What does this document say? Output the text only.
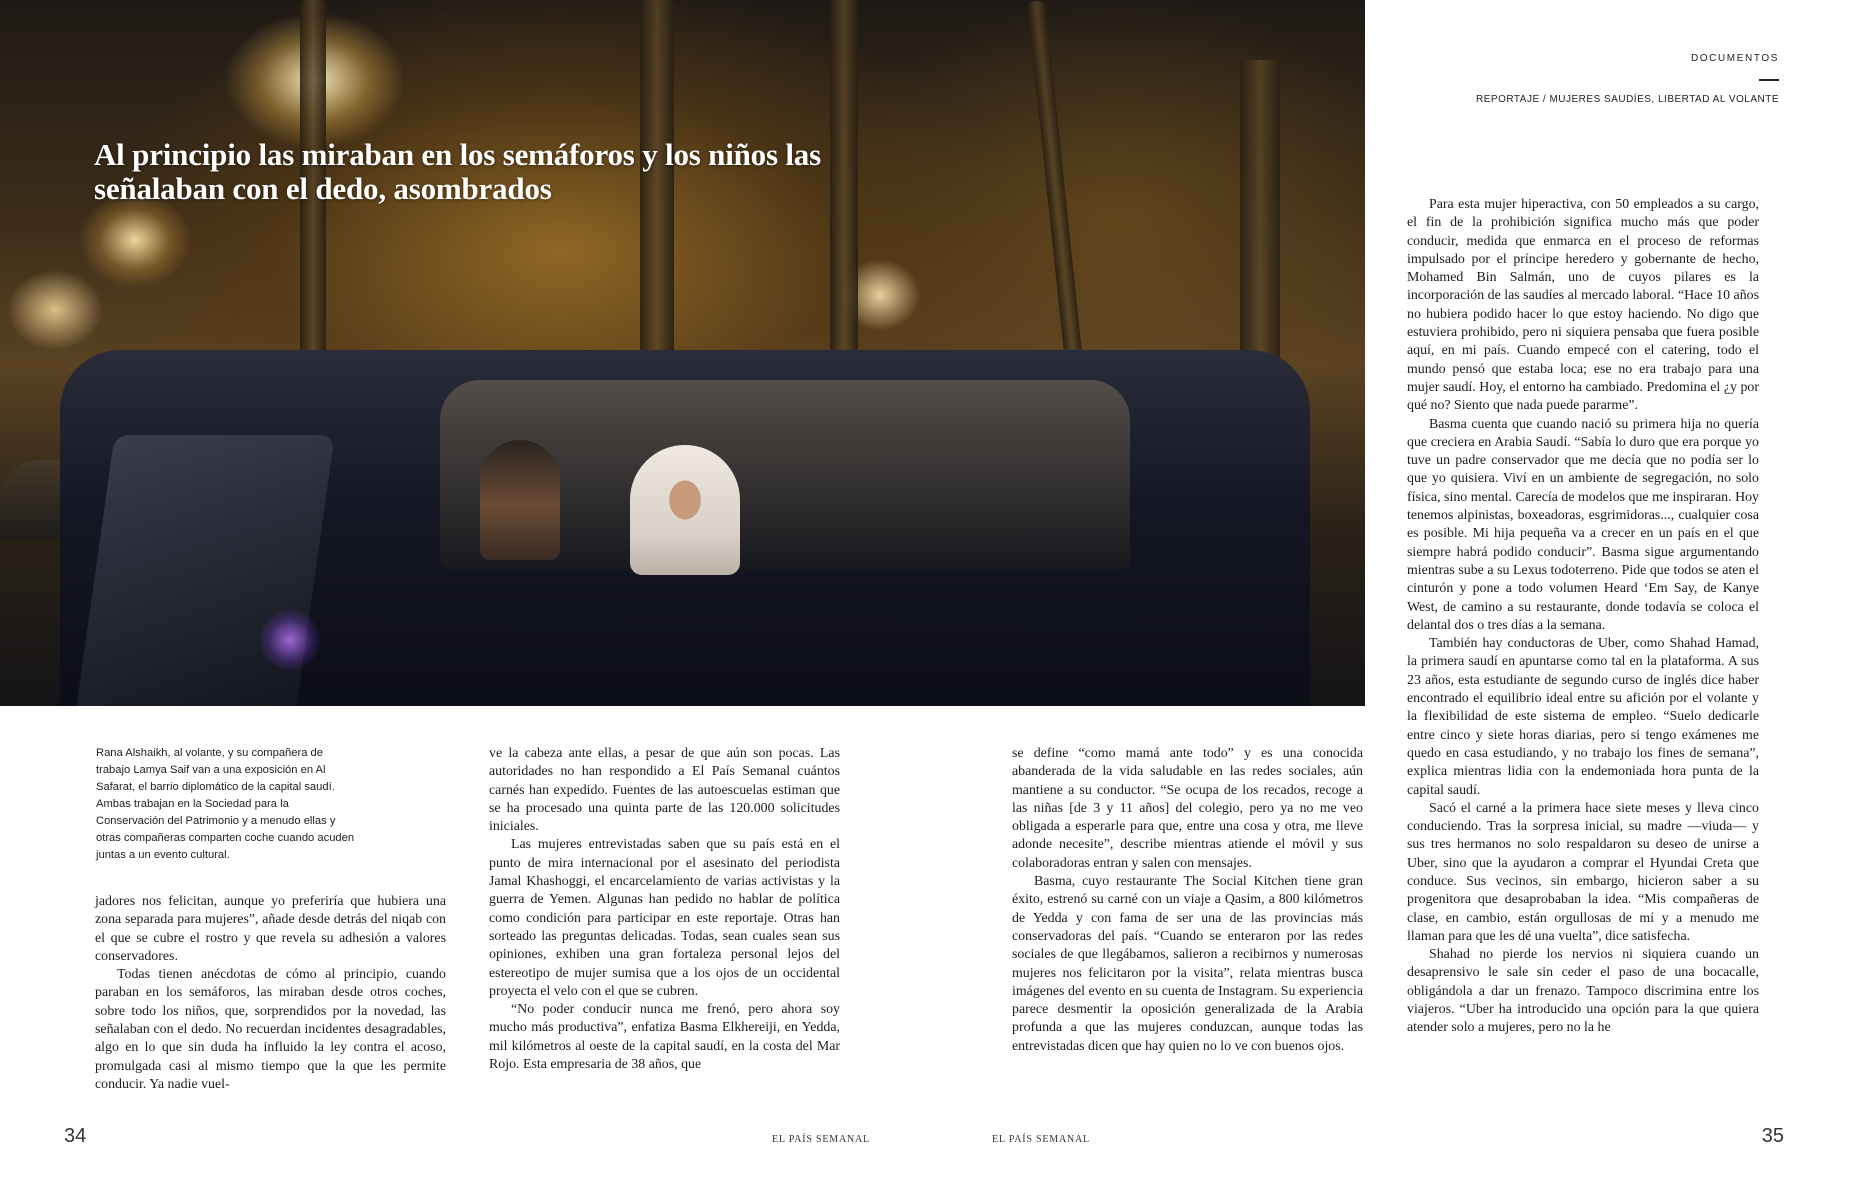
Al principio las miraban en los semáforos y los niños las señalaban con el dedo, asombrados
DOCUMENTOS
REPORTAJE / MUJERES SAUDÍES, LIBERTAD AL VOLANTE

Rana Alshaikh, al volante, y su compañera de trabajo Lamya Saif van a una exposición en Al Safarat, el barrio diplomático de la capital saudí. Ambas trabajan en la Sociedad para la Conservación del Patrimonio y a menudo ellas y otras compañeras comparten coche cuando acuden juntas a un evento cultural.

jadores nos felicitan, aunque yo preferiría que hubiera una zona separada para mujeres”, añade desde detrás del niqab con el que se cubre el rostro y que revela su adhesión a valores conservadores.

Todas tienen anécdotas de cómo al principio, cuando paraban en los semáforos, las miraban desde otros coches, sobre todo los niños, que, sorprendidos por la novedad, las señalaban con el dedo. No recuerdan incidentes desagradables, algo en lo que sin duda ha influido la ley contra el acoso, promulgada casi al mismo tiempo que la que les permite conducir. Ya nadie vuel-

ve la cabeza ante ellas, a pesar de que aún son pocas. Las autoridades no han respondido a El País Semanal cuántos carnés han expedido. Fuentes de las autoescuelas estiman que se ha procesado una quinta parte de las 120.000 solicitudes iniciales.

Las mujeres entrevistadas saben que su país está en el punto de mira internacional por el asesinato del periodista Jamal Khashoggi, el encarcelamiento de varias activistas y la guerra de Yemen. Algunas han pedido no hablar de política como condición para participar en este reportaje. Otras han sorteado las preguntas delicadas. Todas, sean cuales sean sus opiniones, exhiben una gran fortaleza personal lejos del estereotipo de mujer sumisa que a los ojos de un occidental proyecta el velo con el que se cubren.

“No poder conducir nunca me frenó, pero ahora soy mucho más productiva”, enfatiza Basma Elkhereiji, en Yedda, mil kilómetros al oeste de la capital saudí, en la costa del Mar Rojo. Esta empresaria de 38 años, que

se define “como mamá ante todo” y es una conocida abanderada de la vida saludable en las redes sociales, aún mantiene a su conductor. “Se ocupa de los recados, recoge a las niñas [de 3 y 11 años] del colegio, pero ya no me veo obligada a esperarle para que, entre una cosa y otra, me lleve adonde necesite”, describe mientras atiende el móvil y sus colaboradoras entran y salen con mensajes.

Basma, cuyo restaurante The Social Kitchen tiene gran éxito, estrenó su carné con un viaje a Qasim, a 800 kilómetros de Yedda y con fama de ser una de las provincias más conservadoras del país. “Cuando se enteraron por las redes sociales de que llegábamos, salieron a recibirnos y numerosas mujeres nos felicitaron por la visita”, relata mientras busca imágenes del evento en su cuenta de Instagram. Su experiencia parece desmentir la oposición generalizada de la Arabia profunda a que las mujeres conduzcan, aunque todas las entrevistadas dicen que hay quien no lo ve con buenos ojos.

Para esta mujer hiperactiva, con 50 empleados a su cargo, el fin de la prohibición significa mucho más que poder conducir, medida que enmarca en el proceso de reformas impulsado por el príncipe heredero y gobernante de hecho, Mohamed Bin Salmán, uno de cuyos pilares es la incorporación de las saudíes al mercado laboral. “Hace 10 años no hubiera podido hacer lo que estoy haciendo. No digo que estuviera prohibido, pero ni siquiera pensaba que fuera posible aquí, en mi país. Cuando empecé con el catering, todo el mundo pensó que estaba loca; ese no era trabajo para una mujer saudí. Hoy, el entorno ha cambiado. Predomina el ¿y por qué no? Siento que nada puede pararme”.

Basma cuenta que cuando nació su primera hija no quería que creciera en Arabia Saudí. “Sabía lo duro que era porque yo tuve un padre conservador que me decía que no podía ser lo que yo quisiera. Viví en un ambiente de segregación, no solo física, sino mental. Carecía de modelos que me inspiraran. Hoy tenemos alpinistas, boxeadoras, esgrimidoras..., cualquier cosa es posible. Mi hija pequeña va a crecer en un país en el que siempre habrá podido conducir”. Basma sigue argumentando mientras sube a su Lexus todoterreno. Pide que todos se aten el cinturón y pone a todo volumen Heard ‘Em Say, de Kanye West, de camino a su restaurante, donde todavía se coloca el delantal dos o tres días a la semana.

También hay conductoras de Uber, como Shahad Hamad, la primera saudí en apuntarse como tal en la plataforma. A sus 23 años, esta estudiante de segundo curso de inglés dice haber encontrado el equilibrio ideal entre su afición por el volante y la flexibilidad de este sistema de empleo. “Suelo dedicarle entre cinco y siete horas diarias, pero si tengo exámenes me quedo en casa estudiando, y no trabajo los fines de semana”, explica mientras lidia con la endemoniada hora punta de la capital saudí.

Sacó el carné a la primera hace siete meses y lleva cinco conduciendo. Tras la sorpresa inicial, su madre —viuda— y sus tres hermanos no solo respaldaron su deseo de unirse a Uber, sino que la ayudaron a comprar el Hyundai Creta que conduce. Sus vecinos, sin embargo, hicieron saber a su progenitora que desaprobaban la idea. “Mis compañeras de clase, en cambio, están orgullosas de mí y a menudo me llaman para que les dé una vuelta”, dice satisfecha.

Shahad no pierde los nervios ni siquiera cuando un desaprensivo le sale sin ceder el paso de una bocacalle, obligándola a dar un frenazo. Tampoco discrimina entre los viajeros. “Uber ha introducido una opción para la que quiera atender solo a mujeres, pero no la he

34	EL PAÍS SEMANAL	EL PAÍS SEMANAL	35
